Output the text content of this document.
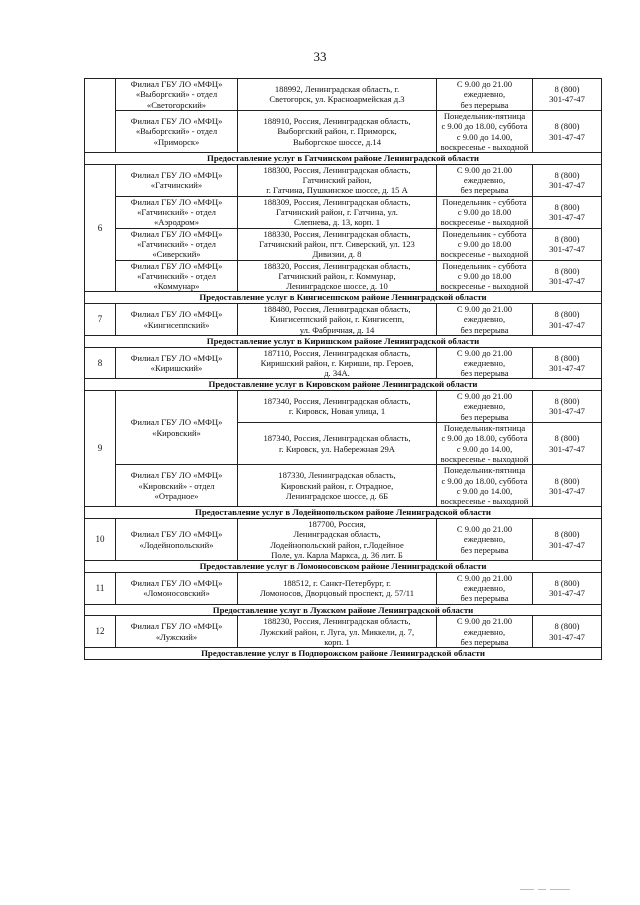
33

	Филиал ГБУ ЛО «МФЦ»
«Выборгский» - отдел
«Светогорский»	188992, Ленинградская область, г.
Светогорск, ул. Красноармейская д.3	С 9.00 до 21.00
ежедневно,
без перерыва	8 (800)
301-47-47

	Филиал ГБУ ЛО «МФЦ»
«Выборгский» - отдел
«Приморск»	188910, Россия, Ленинградская область,
Выборгский район, г. Приморск,
Выборгское шоссе, д.14	Понедельник-пятница
с 9.00 до 18.00, суббота
с 9.00 до 14.00,
воскресенье - выходной	8 (800)
301-47-47

Предоставление услуг в Гатчинском районе Ленинградской области				
6	Филиал ГБУ ЛО «МФЦ»
«Гатчинский»	188300, Россия, Ленинградская область,
Гатчинский район,
г. Гатчина, Пушкинское шоссе, д. 15 А	С 9.00 до 21.00
ежедневно,
без перерыва	8 (800)
301-47-47

	Филиал ГБУ ЛО «МФЦ»
«Гатчинский» - отдел
«Аэродром»	188309, Россия, Ленинградская область,
Гатчинский район, г. Гатчина, ул.
Слепнева, д. 13, корп. 1	Понедельник - суббота
с 9.00 до 18.00
воскресенье - выходной	8 (800)
301-47-47

	Филиал ГБУ ЛО «МФЦ»
«Гатчинский» - отдел
«Сиверский»	188330, Россия, Ленинградская область,
Гатчинский район, пгт. Сиверский, ул. 123
Дивизии, д. 8	Понедельник - суббота
с 9.00 до 18.00
воскресенье - выходной	8 (800)
301-47-47

	Филиал ГБУ ЛО «МФЦ»
«Гатчинский» - отдел
«Коммунар»	188320, Россия, Ленинградская область,
Гатчинский район, г. Коммунар,
Ленинградское шоссе, д. 10	Понедельник - суббота
с 9.00 до 18.00
воскресенье - выходной	8 (800)
301-47-47

Предоставление услуг в Кингисеппском районе Ленинградской области				
7	Филиал ГБУ ЛО «МФЦ»
«Кингисеппский»	188480, Россия, Ленинградская область,
Кингисеппский район, г. Кингисепп,
ул. Фабричная, д. 14	С 9.00 до 21.00
ежедневно,
без перерыва	8 (800)
301-47-47

Предоставление услуг в Киришском районе Ленинградской области				
8	Филиал ГБУ ЛО «МФЦ»
«Киришский»	187110, Россия, Ленинградская область,
Киришский район, г. Кириши, пр. Героев,
д. 34А.	С 9.00 до 21.00
ежедневно,
без перерыва	8 (800)
301-47-47

Предоставление услуг в Кировском районе Ленинградской области				
9	Филиал ГБУ ЛО «МФЦ»
«Кировский»	187340, Россия, Ленинградская область,
г. Кировск, Новая улица, 1	С 9.00 до 21.00
ежедневно,
без перерыва	8 (800)
301-47-47

		187340, Россия, Ленинградская область,
г. Кировск, ул. Набережная 29А	Понедельник-пятница
с 9.00 до 18.00, суббота
с 9.00 до 14.00,
воскресенье - выходной	8 (800)
301-47-47

	Филиал ГБУ ЛО «МФЦ»
«Кировский» - отдел
«Отрадное»	187330, Ленинградская область,
Кировский район, г. Отрадное,
Ленинградское шоссе, д. 6Б	Понедельник-пятница
с 9.00 до 18.00, суббота
с 9.00 до 14.00,
воскресенье - выходной	8 (800)
301-47-47

Предоставление услуг в Лодейнопольском районе Ленинградской области				
10	Филиал ГБУ ЛО «МФЦ»
«Лодейнопольский»	187700, Россия,
Ленинградская область,
Лодейнопольский район, г.Лодейное
Поле, ул. Карла Маркса, д. 36 лит. Б	С 9.00 до 21.00
ежедневно,
без перерыва	8 (800)
301-47-47

Предоставление услуг в Ломоносовском районе Ленинградской области				
11	Филиал ГБУ ЛО «МФЦ»
«Ломоносовский»	188512, г. Санкт-Петербург, г.
Ломоносов, Дворцовый проспект, д. 57/11	С 9.00 до 21.00
ежедневно,
без перерыва	8 (800)
301-47-47

Предоставление услуг в Лужском районе Ленинградской области				
12	Филиал ГБУ ЛО «МФЦ»
«Лужский»	188230, Россия, Ленинградская область,
Лужский район, г. Луга, ул. Миккели, д. 7,
корп. 1	С 9.00 до 21.00
ежедневно,
без перерыва	8 (800)
301-47-47

Предоставление услуг в Подпорожском районе Ленинградской области				
